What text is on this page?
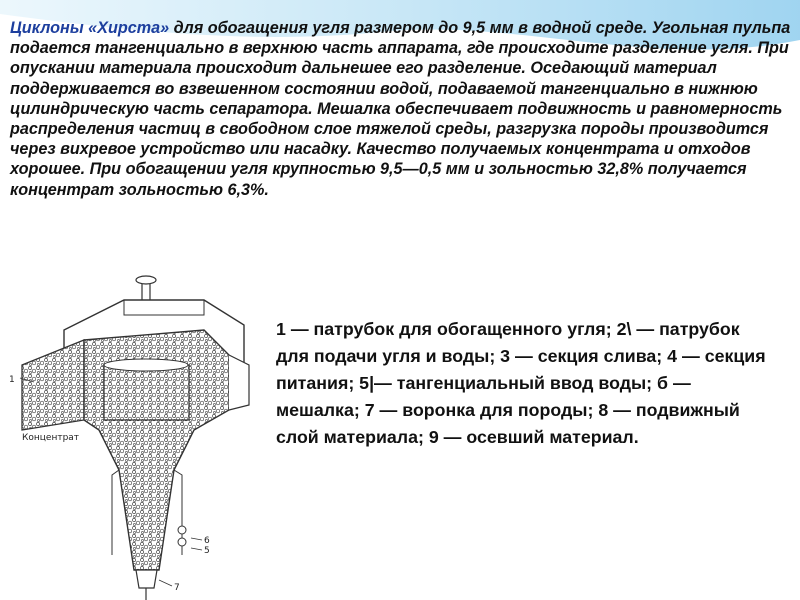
Циклоны «Хирста» для обогащения угля размером до 9,5 мм в водной среде. Угольная пульпа подается тангенциально в верхнюю часть аппарата, где происходите разделение угля. При опускании материала происходит дальнешее его разделение. Оседающий материал поддерживается во взвешенном состоянии водой, подаваемой тангенциально в нижнюю цилиндрическую часть сепаратора. Мешалка обеспечивает подвижность и равномерность распределения частиц в свободном слое тяжелой среды, разгрузка породы производится через вихревое устройство или насадку. Качество получаемых концентрата и отходов хорошее. При обогащении угля крупностью 9,5—0,5 мм и зольностью 32,8% получается концентрат зольностью 6,3%.
1
Концентрат
6
5
7
1 — патрубок для обогащенного угля; 2\ — патрубок для подачи угля и воды; 3 — секция слива; 4 — секция питания; 5|— тангенциальный ввод воды; б — мешалка; 7 — воронка для породы; 8 — подвижный слой материала; 9 — осевший материал.
